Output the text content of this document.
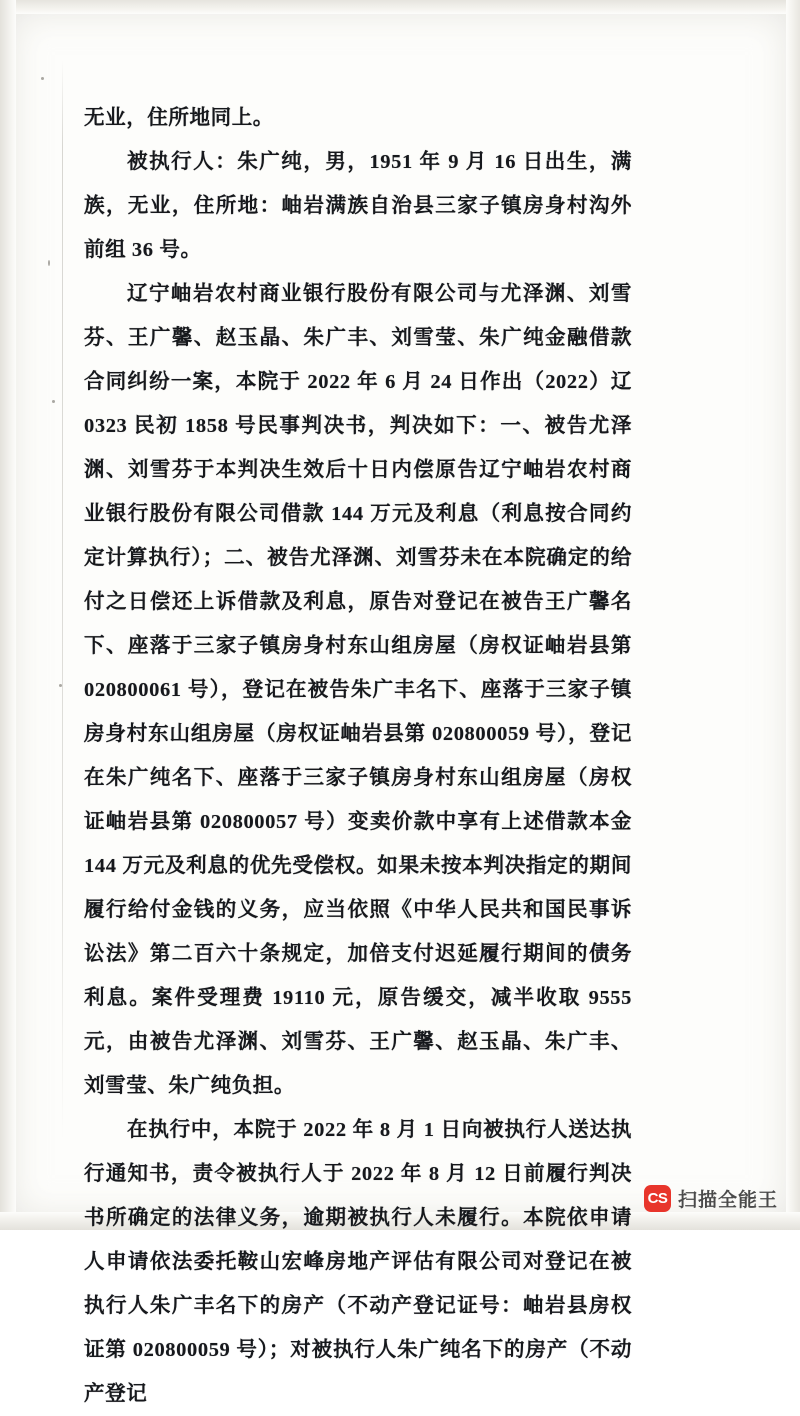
无业，住所地同上。

被执行人：朱广纯，男，1951 年 9 月 16 日出生，满族，无业，住所地：岫岩满族自治县三家子镇房身村沟外前组 36 号。

辽宁岫岩农村商业银行股份有限公司与尤泽渊、刘雪芬、王广馨、赵玉晶、朱广丰、刘雪莹、朱广纯金融借款合同纠纷一案，本院于 2022 年 6 月 24 日作出（2022）辽 0323 民初 1858 号民事判决书，判决如下：一、被告尤泽渊、刘雪芬于本判决生效后十日内偿原告辽宁岫岩农村商业银行股份有限公司借款 144 万元及利息（利息按合同约定计算执行）；二、被告尤泽渊、刘雪芬未在本院确定的给付之日偿还上诉借款及利息，原告对登记在被告王广馨名下、座落于三家子镇房身村东山组房屋（房权证岫岩县第 020800061 号），登记在被告朱广丰名下、座落于三家子镇房身村东山组房屋（房权证岫岩县第 020800059 号），登记在朱广纯名下、座落于三家子镇房身村东山组房屋（房权证岫岩县第 020800057 号）变卖价款中享有上述借款本金 144 万元及利息的优先受偿权。如果未按本判决指定的期间履行给付金钱的义务，应当依照《中华人民共和国民事诉讼法》第二百六十条规定，加倍支付迟延履行期间的债务利息。案件受理费 19110 元，原告缓交，减半收取 9555 元，由被告尤泽渊、刘雪芬、王广馨、赵玉晶、朱广丰、刘雪莹、朱广纯负担。

在执行中，本院于 2022 年 8 月 1 日向被执行人送达执行通知书，责令被执行人于 2022 年 8 月 12 日前履行判决书所确定的法律义务，逾期被执行人未履行。本院依申请人申请依法委托鞍山宏峰房地产评估有限公司对登记在被执行人朱广丰名下的房产（不动产登记证号：岫岩县房权证第 020800059 号）；对被执行人朱广纯名下的房产（不动产登记

CS 扫描全能王
